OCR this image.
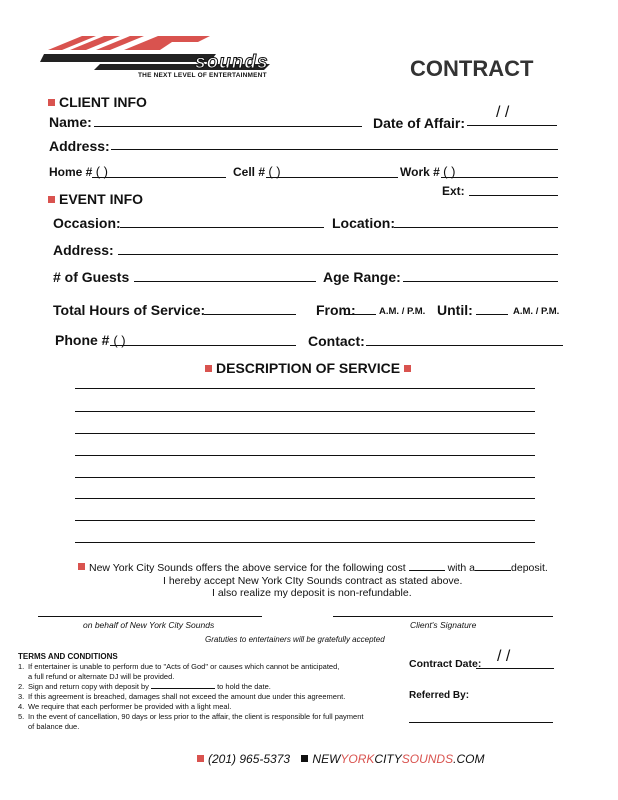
sounds
THE NEXT LEVEL OF ENTERTAINMENT	CONTRACT
CLIENT INFO
Name:	Date of Affair:
/ /
Address:
Home # ( )	Cell # ( )	Work # ( )
Ext:
EVENT INFO
Occasion:	Location:
Address:
# of Guests	Age Range:
Total Hours of Service:	From: A.M. / P.M. Until:	A.M. / P.M.
Phone # ( )	Contact:
DESCRIPTION OF SERVICE
New York City Sounds offers the above service for the following cost	with a	deposit.
I hereby accept New York CIty Sounds contract as stated above.
I also realize my deposit is non-refundable.
on behalf of New York City Sounds	Client's Signature
Gratuties to entertainers will be gratefully accepted
TERMS AND CONDITIONS
1. If entertainer is unable to perform due to "Acts of God" or causes which cannot be anticipated,
a full refund or alternate DJ will be provided.
2. Sign and return copy with deposit by	to hold the date.
3. If this agreement is breached, damages shall not exceed the amount due under this agreement.
4. We require that each performer be provided with a light meal.
5. In the event of cancellation, 90 days or less prior to the affair, the client is responsible for full payment
of balance due.
Contract Date: / /
Referred By:
(201) 965-5373 NEWYORKCITYSOUNDS.COM
